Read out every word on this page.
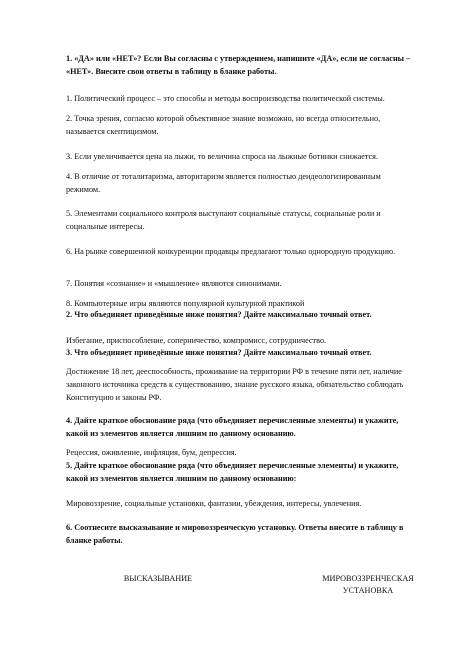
1. «ДА» или «НЕТ»? Если Вы согласны с утверждением, напишите «ДА», если не согласны – «НЕТ». Внесите свои ответы в таблицу в бланке работы.

1. Политический процесс – это способы и методы воспроизводства политической системы.

2. Точка зрения, согласно которой объективное знание возможно, но всегда относительно, называется скептицизмом.

3. Если увеличивается цена на лыжи, то величина спроса на лыжные ботинки снижается.

4. В отличие от тоталитаризма, авторитаризм является полностью деидеологизированным режимом.

5. Элементами социального контроля выступают социальные статусы, социальные роли и социальные интересы.

6. На рынке совершенной конкуренции продавцы предлагают только однородную продукцию.

7. Понятия «сознание» и «мышление» являются синонимами.

8. Компьютерные игры являются популярной культурной практикой

2. Что объединяет приведённые ниже понятия? Дайте максимально точный ответ.

Избегание, приспособление, соперничество, компромисс, сотрудничество.

3. Что объединяет приведённые ниже понятия? Дайте максимально точный ответ.

Достижение 18 лет, дееспособность, проживание на территории РФ в течение пяти лет, наличие законного источника средств к существованию, знание русского языка, обязательство соблюдать Конституцию и законы РФ.

4. Дайте краткое обоснование ряда (что объединяет перечисленные элементы) и укажите, какой из элементов является лишним по данному основанию.

Рецессия, оживление, инфляция, бум, депрессия.

5. Дайте краткое обоснование ряда (что объединяет перечисленные элементы) и укажите, какой из элементов является лишним по данному основанию:

Мировоззрение, социальные установки, фантазии, убеждения, интересы, увлечения.

6. Соотнесите высказывание и мировоззренческую установку. Ответы внесите в таблицу в бланке работы.

ВЫСКАЗЫВАНИЕ	МИРОВОЗЗРЕНЧЕСКАЯ УСТАНОВКА
